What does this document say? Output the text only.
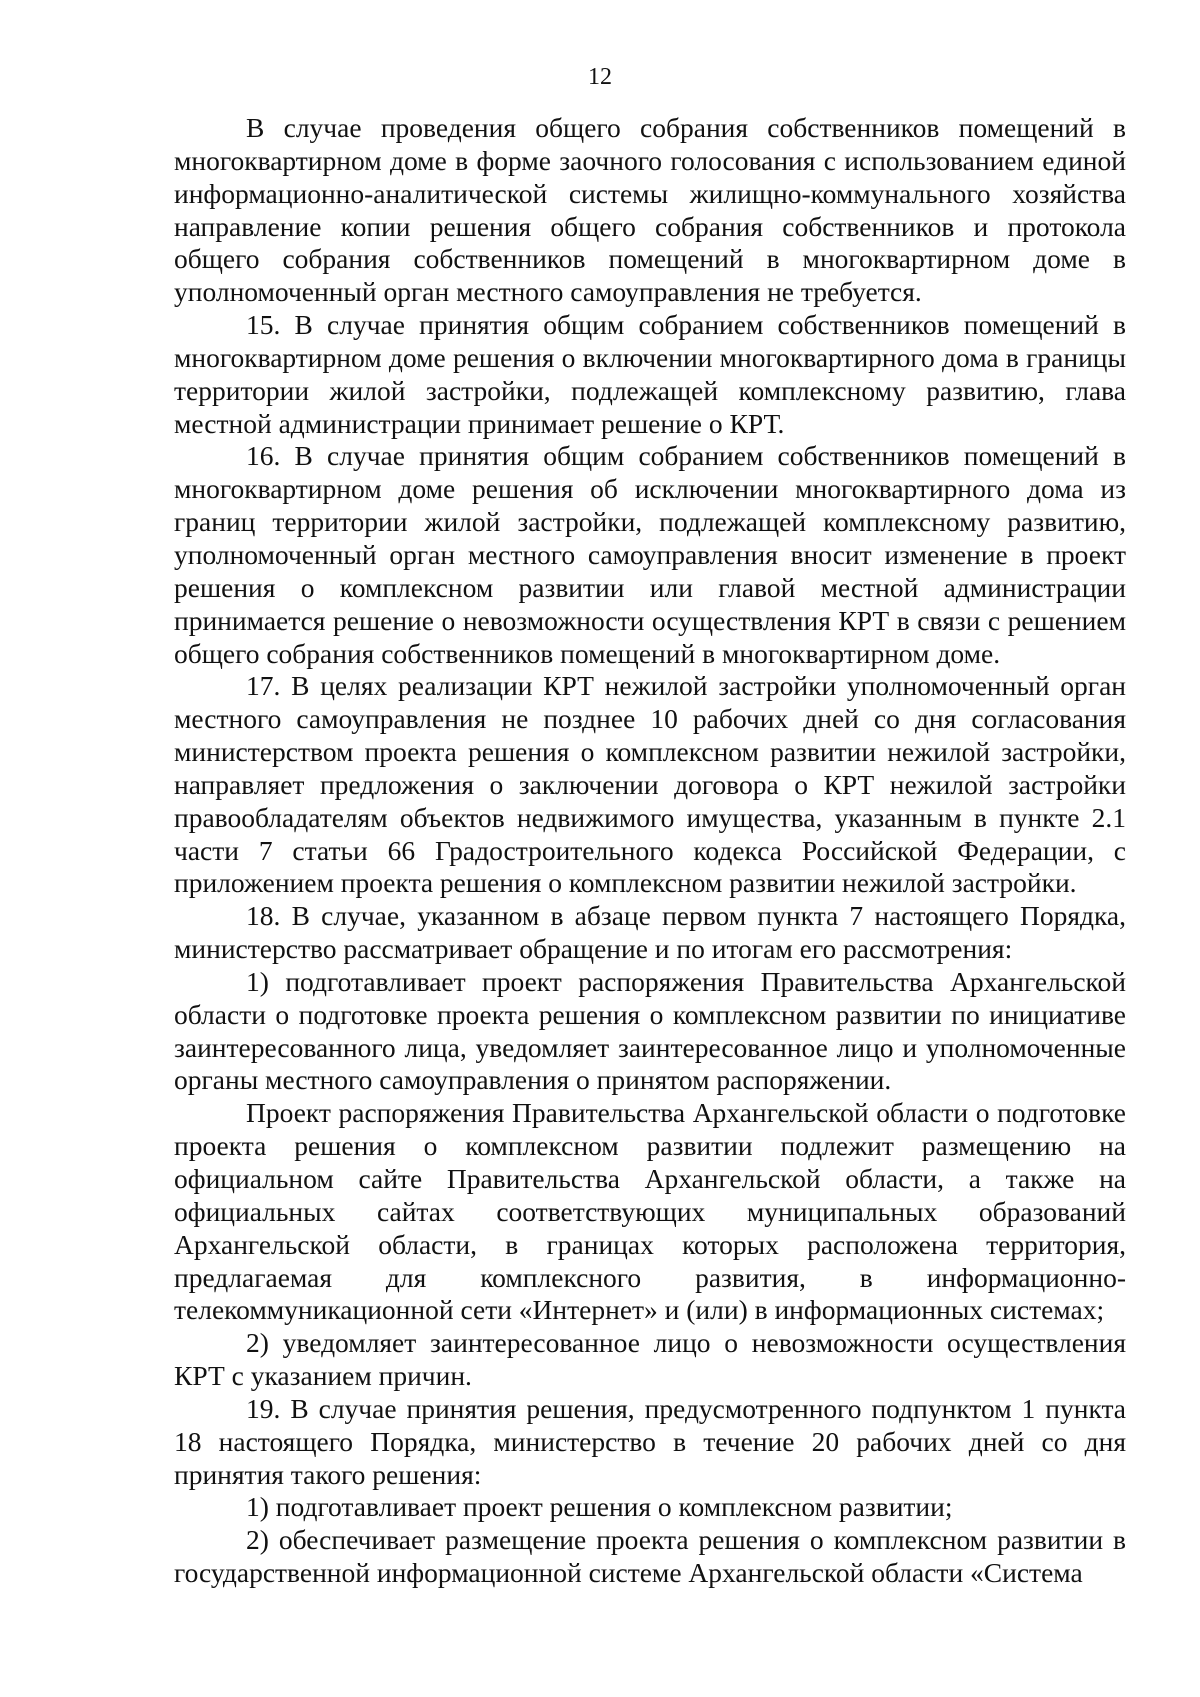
12

В случае проведения общего собрания собственников помещений в многоквартирном доме в форме заочного голосования с использованием единой информационно-аналитической системы жилищно-коммунального хозяйства направление копии решения общего собрания собственников и протокола общего собрания собственников помещений в многоквартирном доме в уполномоченный орган местного самоуправления не требуется.

15. В случае принятия общим собранием собственников помещений в многоквартирном доме решения о включении многоквартирного дома в границы территории жилой застройки, подлежащей комплексному развитию, глава местной администрации принимает решение о КРТ.

16. В случае принятия общим собранием собственников помещений в многоквартирном доме решения об исключении многоквартирного дома из границ территории жилой застройки, подлежащей комплексному развитию, уполномоченный орган местного самоуправления вносит изменение в проект решения о комплексном развитии или главой местной администрации принимается решение о невозможности осуществления КРТ в связи с решением общего собрания собственников помещений в многоквартирном доме.

17. В целях реализации КРТ нежилой застройки уполномоченный орган местного самоуправления не позднее 10 рабочих дней со дня согласования министерством проекта решения о комплексном развитии нежилой застройки, направляет предложения о заключении договора о КРТ нежилой застройки правообладателям объектов недвижимого имущества, указанным в пункте 2.1 части 7 статьи 66 Градостроительного кодекса Российской Федерации, с приложением проекта решения о комплексном развитии нежилой застройки.

18. В случае, указанном в абзаце первом пункта 7 настоящего Порядка, министерство рассматривает обращение и по итогам его рассмотрения:

1) подготавливает проект распоряжения Правительства Архангельской области о подготовке проекта решения о комплексном развитии по инициативе заинтересованного лица, уведомляет заинтересованное лицо и уполномоченные органы местного самоуправления о принятом распоряжении.

Проект распоряжения Правительства Архангельской области о подготовке проекта решения о комплексном развитии подлежит размещению на официальном сайте Правительства Архангельской области, а также на официальных сайтах соответствующих муниципальных образований Архангельской области, в границах которых расположена территория, предлагаемая для комплексного развития, в информационно-телекоммуникационной сети «Интернет» и (или) в информационных системах;

2) уведомляет заинтересованное лицо о невозможности осуществления КРТ с указанием причин.

19. В случае принятия решения, предусмотренного подпунктом 1 пункта 18 настоящего Порядка, министерство в течение 20 рабочих дней со дня принятия такого решения:

1) подготавливает проект решения о комплексном развитии;

2) обеспечивает размещение проекта решения о комплексном развитии в государственной информационной системе Архангельской области «Система
